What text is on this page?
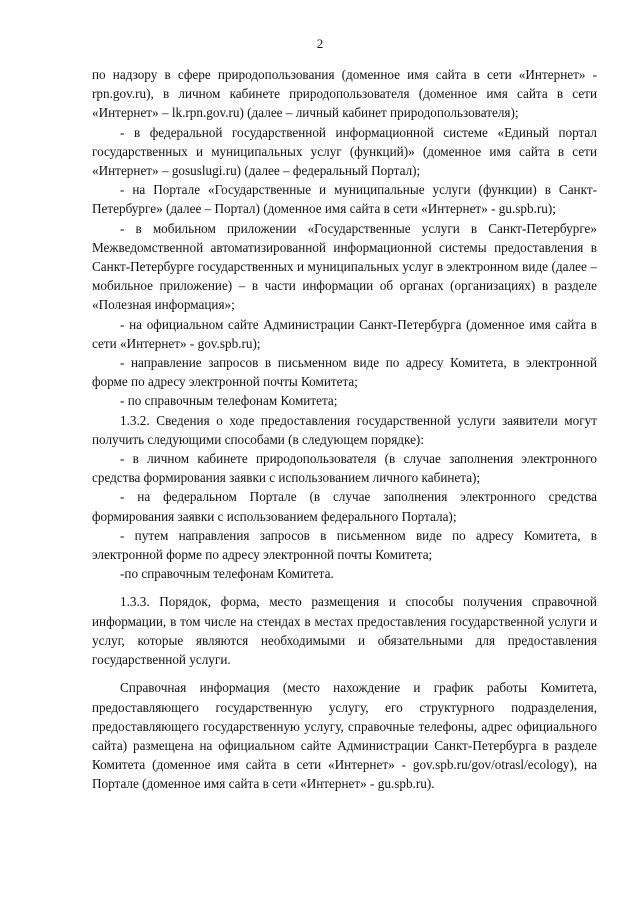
2

по надзору в сфере природопользования (доменное имя сайта в сети «Интернет» - rpn.gov.ru), в личном кабинете природопользователя (доменное имя сайта в сети «Интернет» – lk.rpn.gov.ru) (далее – личный кабинет природопользователя);

- в федеральной государственной информационной системе «Единый портал государственных и муниципальных услуг (функций)» (доменное имя сайта в сети «Интернет» – gosuslugi.ru) (далее – федеральный Портал);

- на Портале «Государственные и муниципальные услуги (функции) в Санкт-Петербурге» (далее – Портал) (доменное имя сайта в сети «Интернет» - gu.spb.ru);

- в мобильном приложении «Государственные услуги в Санкт-Петербурге» Межведомственной автоматизированной информационной системы предоставления в Санкт-Петербурге государственных и муниципальных услуг в электронном виде (далее – мобильное приложение) – в части информации об органах (организациях) в разделе «Полезная информация»;

- на официальном сайте Администрации Санкт-Петербурга (доменное имя сайта в сети «Интернет» - gov.spb.ru);

- направление запросов в письменном виде по адресу Комитета, в электронной форме по адресу электронной почты Комитета;

- по справочным телефонам Комитета;

1.3.2. Сведения о ходе предоставления государственной услуги заявители могут получить следующими способами (в следующем порядке):

- в личном кабинете природопользователя (в случае заполнения электронного средства формирования заявки с использованием личного кабинета);

- на федеральном Портале (в случае заполнения электронного средства формирования заявки с использованием федерального Портала);

- путем направления запросов в письменном виде по адресу Комитета, в электронной форме по адресу электронной почты Комитета;

-по справочным телефонам Комитета.

1.3.3. Порядок, форма, место размещения и способы получения справочной информации, в том числе на стендах в местах предоставления государственной услуги и услуг, которые являются необходимыми и обязательными для предоставления государственной услуги.

Справочная информация (место нахождение и график работы Комитета, предоставляющего государственную услугу, его структурного подразделения, предоставляющего государственную услугу, справочные телефоны, адрес официального сайта) размещена на официальном сайте Администрации Санкт-Петербурга в разделе Комитета (доменное имя сайта в сети «Интернет» - gov.spb.ru/gov/otrasl/ecology), на Портале (доменное имя сайта в сети «Интернет» - gu.spb.ru).
